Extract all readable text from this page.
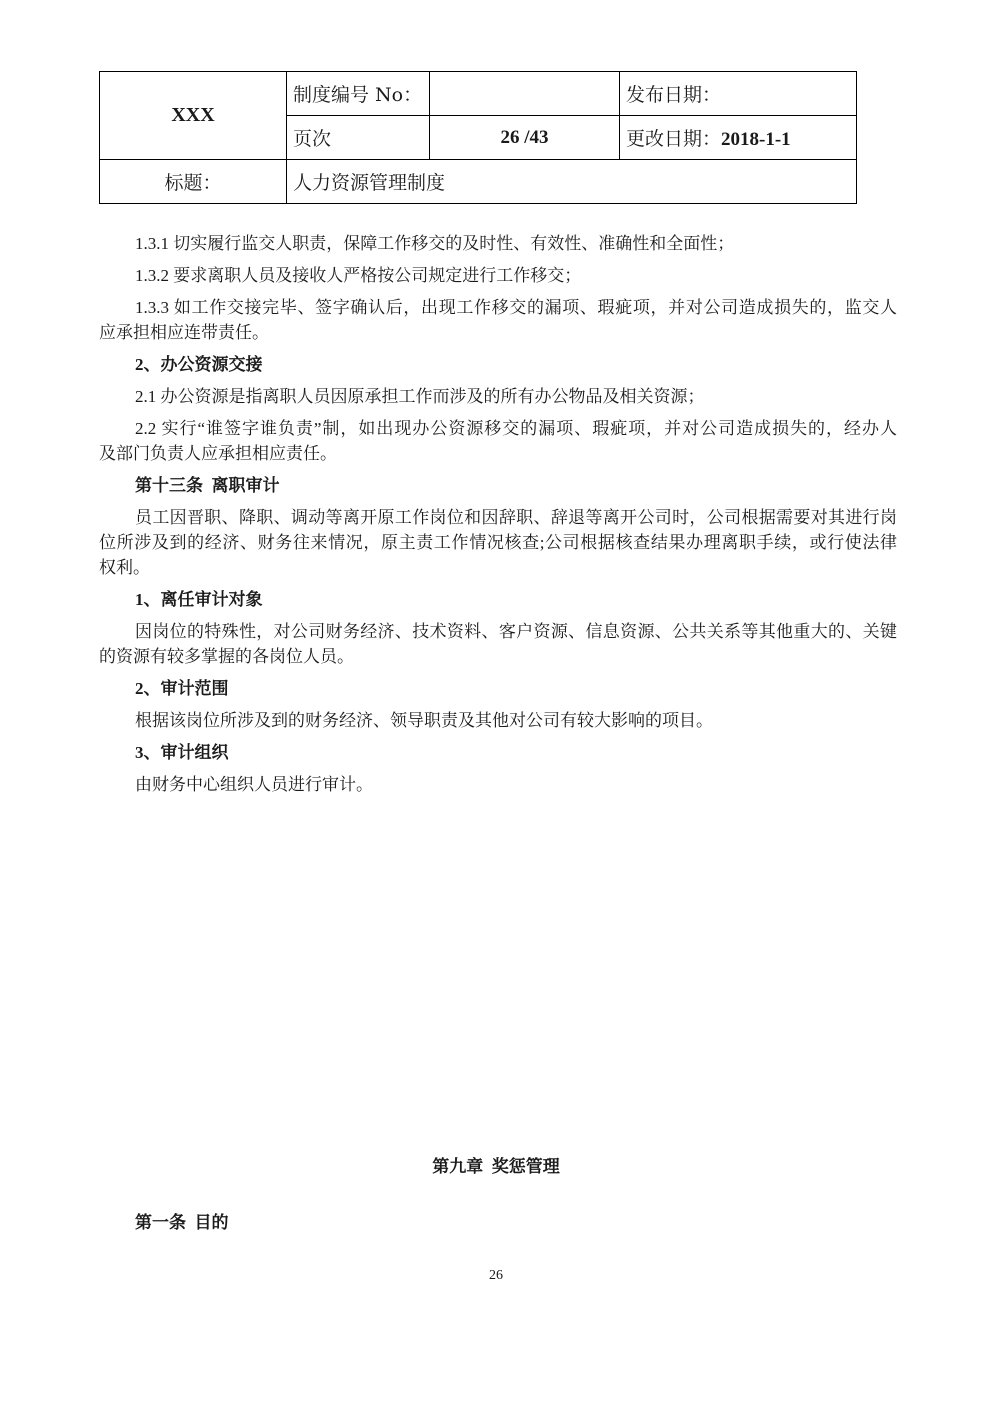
XXX	制度编号 No：		发布日期：
	页次	26 /43	更改日期：2018-1-1
标题：	人力资源管理制度		
1.3.1 切实履行监交人职责，保障工作移交的及时性、有效性、准确性和全面性；
1.3.2 要求离职人员及接收人严格按公司规定进行工作移交；
1.3.3 如工作交接完毕、签字确认后，出现工作移交的漏项、瑕疵项，并对公司造成损失的，监交人
应承担相应连带责任。
2、办公资源交接
2.1 办公资源是指离职人员因原承担工作而涉及的所有办公物品及相关资源；
2.2 实行“谁签字谁负责”制，如出现办公资源移交的漏项、瑕疵项，并对公司造成损失的，经办人
及部门负责人应承担相应责任。
第十三条  离职审计
员工因晋职、降职、调动等离开原工作岗位和因辞职、辞退等离开公司时，公司根据需要对其进行岗
位所涉及到的经济、财务往来情况，原主责工作情况核查;公司根据核查结果办理离职手续，或行使法律
权利。
1、离任审计对象
因岗位的特殊性，对公司财务经济、技术资料、客户资源、信息资源、公共关系等其他重大的、关键
的资源有较多掌握的各岗位人员。
2、审计范围
根据该岗位所涉及到的财务经济、领导职责及其他对公司有较大影响的项目。
3、审计组织
由财务中心组织人员进行审计。
第九章  奖惩管理
第一条  目的
26
